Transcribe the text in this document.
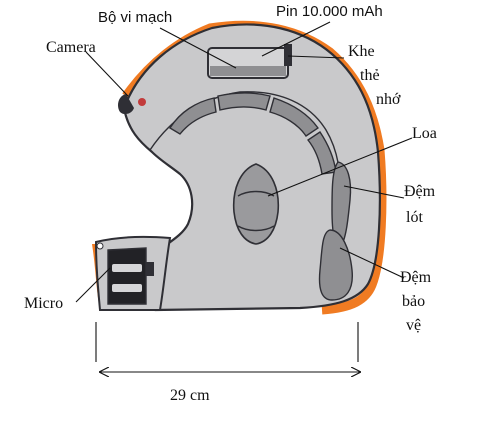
Bộ vi mạch	Pin 10.000 mAh
Camera	Khe
thẻ
nhớ
Loa
Đệm
lót
Đệm
bảo
vệ
Micro
29 cm
